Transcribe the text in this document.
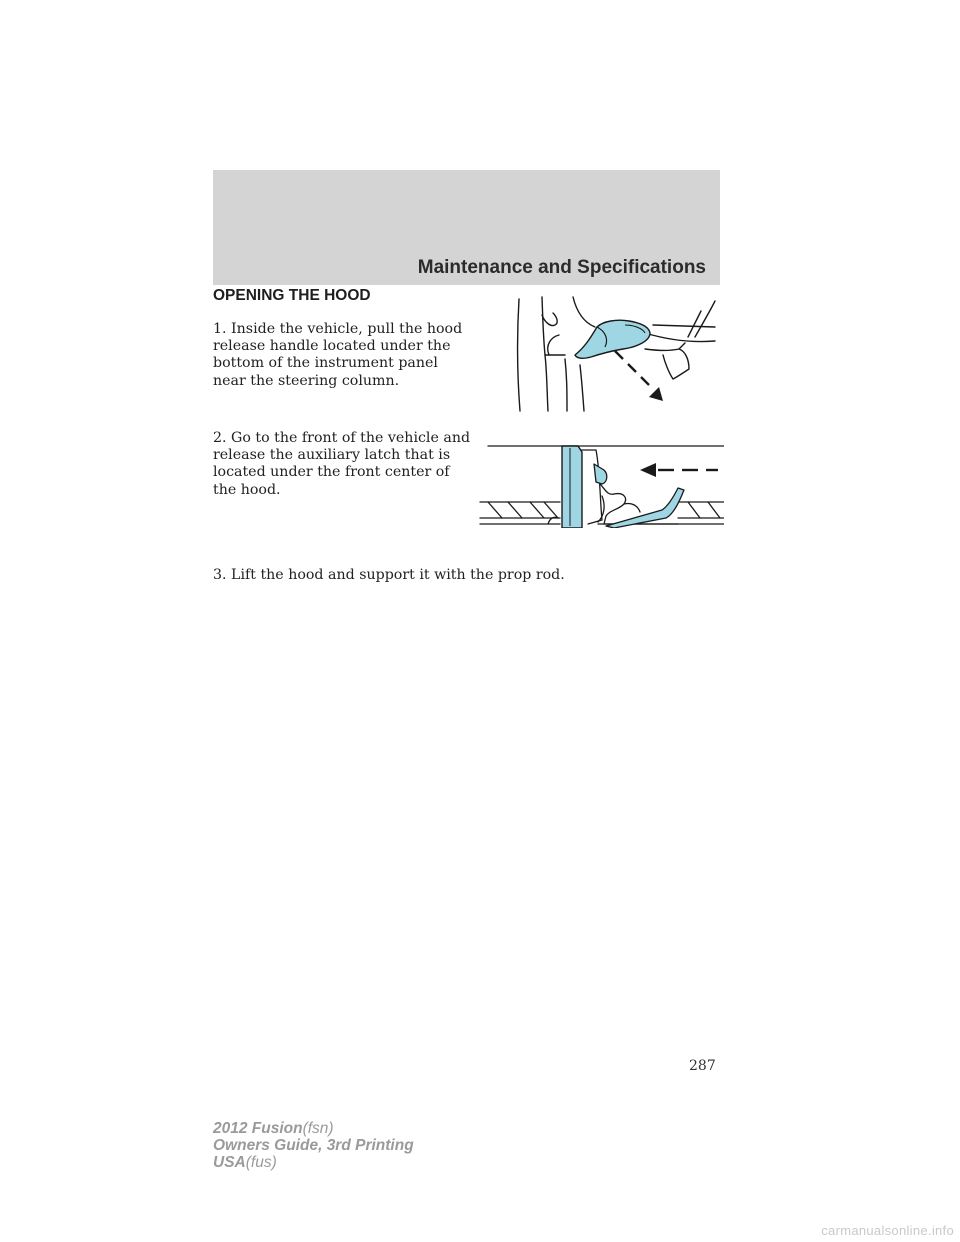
Maintenance and Specifications
OPENING THE HOOD
1. Inside the vehicle, pull the hood release handle located under the bottom of the instrument panel near the steering column.
2. Go to the front of the vehicle and release the auxiliary latch that is located under the front center of the hood.
3. Lift the hood and support it with the prop rod.
287
2012 Fusion(fsn)
Owners Guide, 3rd Printing
USA(fus)
carmanualsonline.info
